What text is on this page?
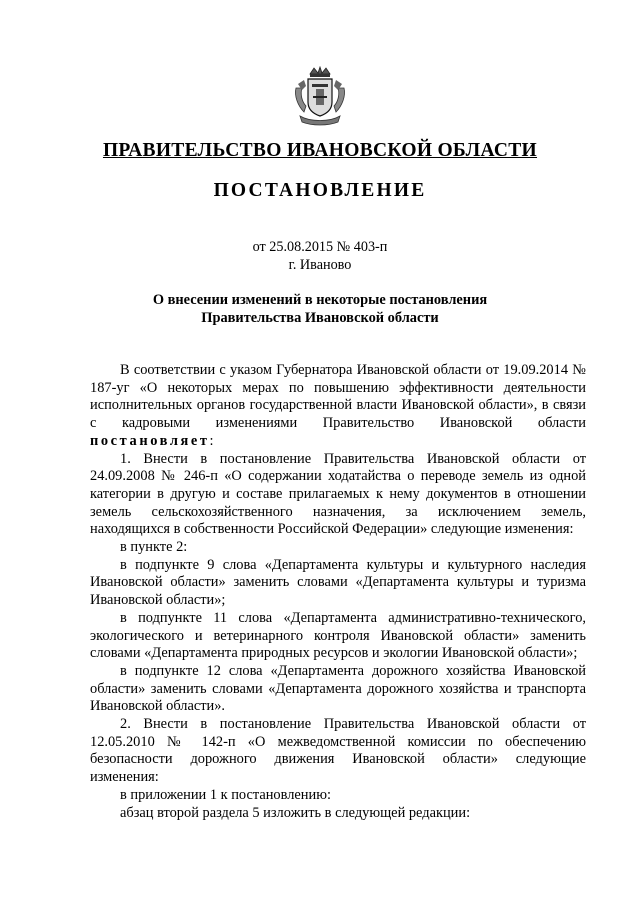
ПРАВИТЕЛЬСТВО ИВАНОВСКОЙ ОБЛАСТИ
ПОСТАНОВЛЕНИЕ
от 25.08.2015 № 403-п
г. Иваново
О внесении изменений в некоторые постановления
Правительства Ивановской области

В соответствии с указом Губернатора Ивановской области от 19.09.2014 № 187-уг «О некоторых мерах по повышению эффективности деятельности исполнительных органов государственной власти Ивановской области», в связи с кадровыми изменениями Правительство Ивановской области постановляет:

1. Внести в постановление Правительства Ивановской области от 24.09.2008 № 246-п «О содержании ходатайства о переводе земель из одной категории в другую и составе прилагаемых к нему документов в отношении земель сельскохозяйственного назначения, за исключением земель, находящихся в собственности Российской Федерации» следующие изменения:

в пункте 2:

в подпункте 9 слова «Департамента культуры и культурного наследия Ивановской области» заменить словами «Департамента культуры и туризма Ивановской области»;

в подпункте 11 слова «Департамента административно-технического, экологического и ветеринарного контроля Ивановской области» заменить словами «Департамента природных ресурсов и экологии Ивановской области»;

в подпункте 12 слова «Департамента дорожного хозяйства Ивановской области» заменить словами «Департамента дорожного хозяйства и транспорта Ивановской области».

2. Внести в постановление Правительства Ивановской области от 12.05.2010 № 142-п «О межведомственной комиссии по обеспечению безопасности дорожного движения Ивановской области» следующие изменения:

в приложении 1 к постановлению:

абзац второй раздела 5 изложить в следующей редакции:
